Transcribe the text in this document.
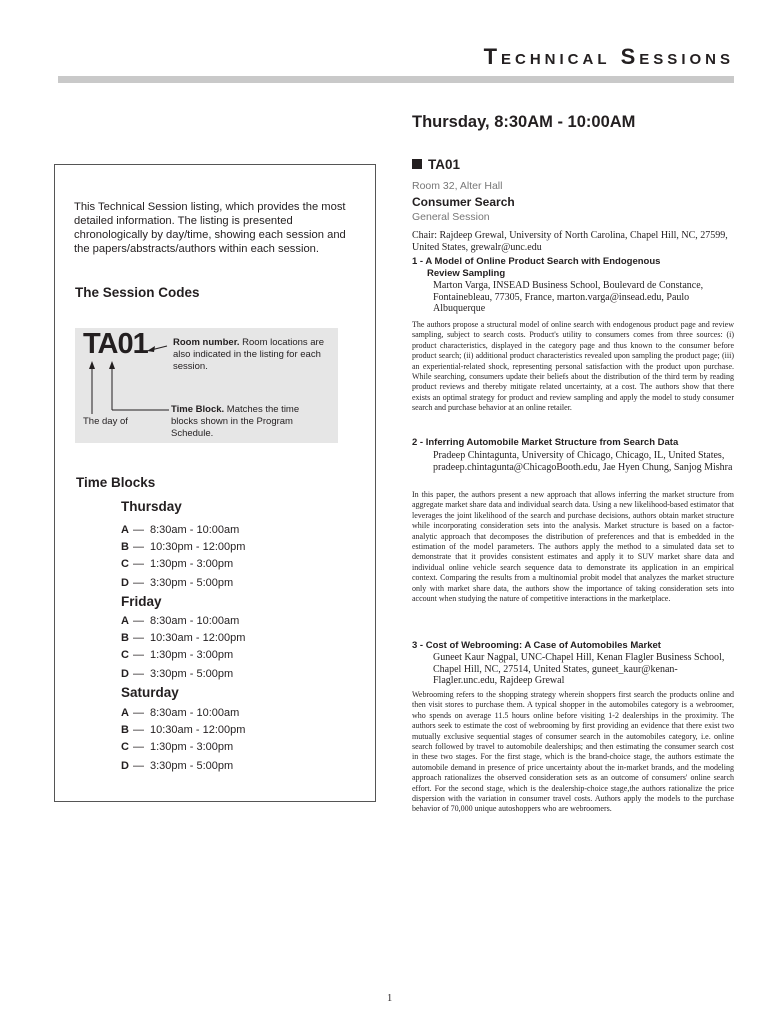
Technical Sessions
This Technical Session listing, which provides the most detailed information. The listing is presented chronologically by day/time, showing each session and the papers/abstracts/authors within each session.
The Session Codes
TA01	Room number. Room locations are also indicated in the listing for each session.
Time Block. Matches the time blocks shown in the Program Schedule.
The day of
Time Blocks
Thursday
A — 8:30am - 10:00am
B — 10:30pm - 12:00pm
C — 1:30pm - 3:00pm
D — 3:30pm - 5:00pm
Friday
A — 8:30am - 10:00am
B — 10:30am - 12:00pm
C — 1:30pm - 3:00pm
D — 3:30pm - 5:00pm
Saturday
A — 8:30am - 10:00am
B — 10:30am - 12:00pm
C — 1:30pm - 3:00pm
D — 3:30pm - 5:00pm
Thursday, 8:30AM - 10:00AM
TA01
Room 32, Alter Hall
Consumer Search
General Session
Chair: Rajdeep Grewal, University of North Carolina, Chapel Hill, NC, 27599, United States, grewalr@unc.edu
1 - A Model of Online Product Search with Endogenous
Review Sampling
Marton Varga, INSEAD Business School, Boulevard de Constance, Fontainebleau, 77305, France, marton.varga@insead.edu, Paulo Albuquerque
The authors propose a structural model of online search with endogenous product page and review sampling, subject to search costs. Product's utility to consumers comes from three sources: (i) product characteristics, displayed in the category page and thus known to the consumer before product search; (ii) additional product characteristics revealed upon sampling the product page; (iii) an experiential-related shock, representing personal satisfaction with the product upon purchase. While searching, consumers update their beliefs about the distribution of the third term by reading product reviews and thereby mitigate related uncertainty, at a cost. The authors show that there exists an optimal strategy for product and review sampling and apply the model to study consumer search and purchase behavior at an online retailer.
2 - Inferring Automobile Market Structure from Search Data
Pradeep Chintagunta, University of Chicago, Chicago, IL, United States, pradeep.chintagunta@ChicagoBooth.edu, Jae Hyen Chung, Sanjog Mishra
In this paper, the authors present a new approach that allows inferring the market structure from aggregate market share data and individual search data. Using a new likelihood-based estimator that leverages the joint likelihood of the search and purchase decisions, authors obtain market structure while incorporating consideration sets into the analysis. Market structure is based on a factor-analytic approach that decomposes the distribution of preferences and that is embedded in the estimation of the model parameters. The authors apply the method to a simulated data set to demonstrate that it provides consistent estimates and apply it to SUV market share data and individual online vehicle search sequence data to demonstrate its application in an empirical context. Comparing the results from a multinomial probit model that analyzes the market structure only with market share data, the authors show the importance of taking consideration sets into account when studying the nature of competitive interactions in the marketplace.
3 - Cost of Webrooming: A Case of Automobiles Market
Guneet Kaur Nagpal, UNC-Chapel Hill, Kenan Flagler Business School, Chapel Hill, NC, 27514, United States, guneet_kaur@kenan-Flagler.unc.edu, Rajdeep Grewal
Webrooming refers to the shopping strategy wherein shoppers first search the products online and then visit stores to purchase them. A typical shopper in the automobiles category is a webroomer, who spends on average 11.5 hours online before visiting 1-2 dealerships in the proximity. The authors seek to estimate the cost of webrooming by first providing an evidence that there exist two mutually exclusive sequential stages of consumer search in the automobiles category, i.e. online search followed by travel to automobile dealerships; and then estimating the consumer search cost in these two stages. For the first stage, which is the brand-choice stage, the authors estimate the automobile demand in presence of price uncertainty about the in-market brands, and the modeling approach rationalizes the observed consideration sets as an outcome of consumers' online search effort. For the second stage, which is the dealership-choice stage,the authors rationalize the price dispersion with the variation in consumer travel costs. Authors apply the models to the purchase behavior of 70,000 unique autoshoppers who are webroomers.
1
